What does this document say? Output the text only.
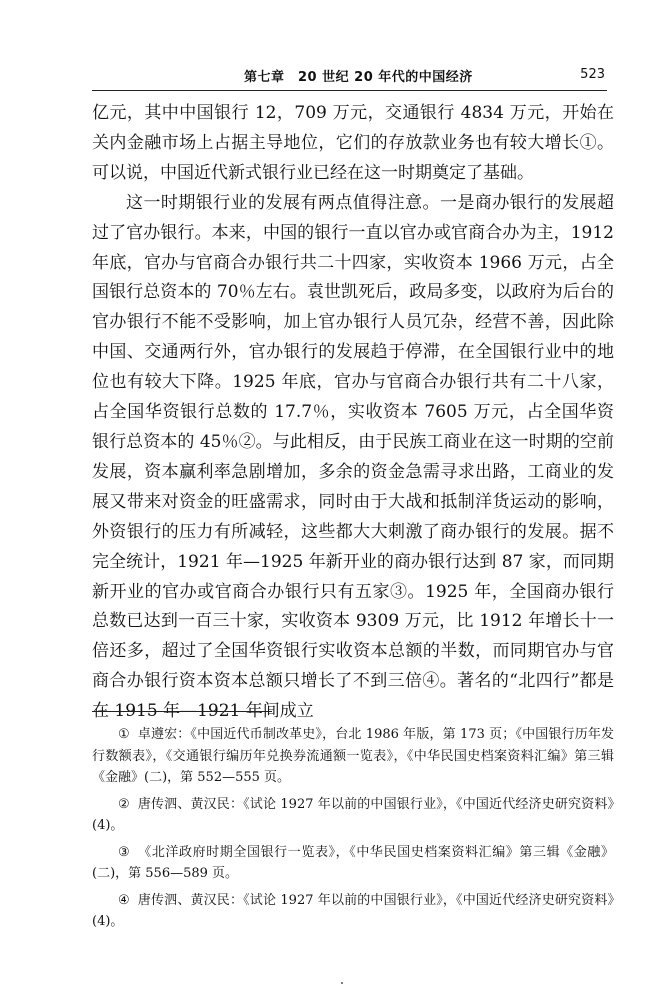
第七章　20 世纪 20 年代的中国经济	523

亿元，其中中国银行 12，709 万元，交通银行 4834 万元，开始在关内金融市场上占据主导地位，它们的存放款业务也有较大增长①。可以说，中国近代新式银行业已经在这一时期奠定了基础。

这一时期银行业的发展有两点值得注意。一是商办银行的发展超过了官办银行。本来，中国的银行一直以官办或官商合办为主，1912 年底，官办与官商合办银行共二十四家，实收资本 1966 万元，占全国银行总资本的 70％左右。袁世凯死后，政局多变，以政府为后台的官办银行不能不受影响，加上官办银行人员冗杂，经营不善，因此除中国、交通两行外，官办银行的发展趋于停滞，在全国银行业中的地位也有较大下降。1925 年底，官办与官商合办银行共有二十八家，占全国华资银行总数的 17.7％，实收资本 7605 万元，占全国华资银行总资本的 45％②。与此相反，由于民族工商业在这一时期的空前发展，资本赢利率急剧增加，多余的资金急需寻求出路，工商业的发展又带来对资金的旺盛需求，同时由于大战和抵制洋货运动的影响，外资银行的压力有所减轻，这些都大大刺激了商办银行的发展。据不完全统计，1921 年—1925 年新开业的商办银行达到 87 家，而同期新开业的官办或官商合办银行只有五家③。1925 年，全国商办银行总数已达到一百三十家，实收资本 9309 万元，比 1912 年增长十一倍还多，超过了全国华资银行实收资本总额的半数，而同期官办与官商合办银行资本资本总额只增长了不到三倍④。著名的“北四行”都是在 1915 年—1921 年间成立

① 卓遵宏：《中国近代币制改革史》，台北 1986 年版，第 173 页；《中国银行历年发行数额表》，《交通银行编历年兑换券流通额一览表》，《中华民国史档案资料汇编》第三辑《金融》(二)，第 552—555 页。

② 唐传泗、黄汉民：《试论 1927 年以前的中国银行业》，《中国近代经济史研究资料》(4)。

③ 《北洋政府时期全国银行一览表》，《中华民国史档案资料汇编》第三辑《金融》(二)，第 556—589 页。

④ 唐传泗、黄汉民：《试论 1927 年以前的中国银行业》，《中国近代经济史研究资料》(4)。
